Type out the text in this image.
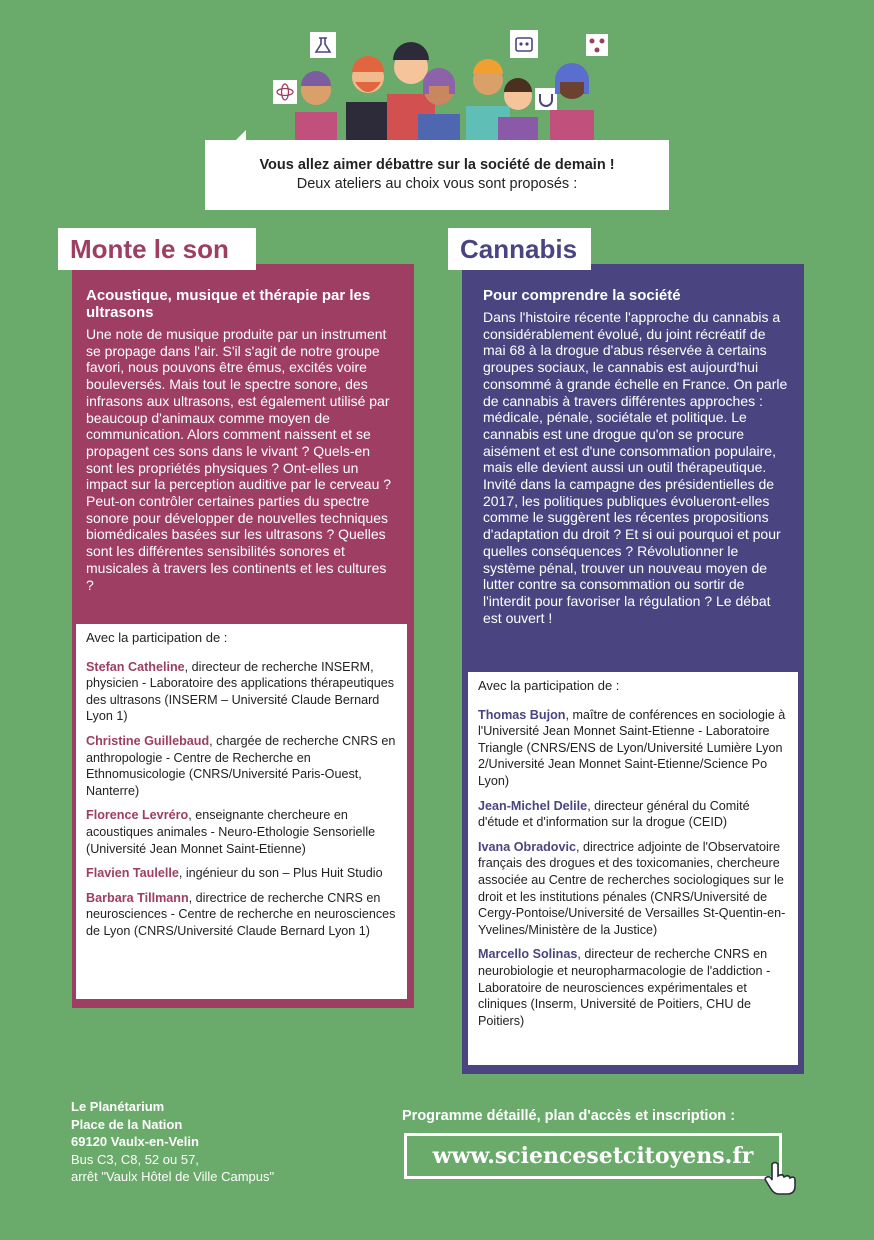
Vous allez aimer débattre sur la société de demain !
Deux ateliers au choix vous sont proposés :
Monte le son ! Acoustique, musique et thérapie par les ultrasons

Une note de musique produite par un instrument se propage dans l'air. S'il s'agit de notre groupe favori, nous pouvons être émus, excités voire bouleversés. Mais tout le spectre sonore, des infrasons aux ultrasons, est également utilisé par beaucoup d'animaux comme moyen de communication. Alors comment naissent et se propagent ces sons dans le vivant ? Quels-en sont les propriétés physiques ? Ont-elles un impact sur la perception auditive par le cerveau ? Peut-on contrôler certaines parties du spectre sonore pour développer de nouvelles techniques biomédicales basées sur les ultrasons ? Quelles sont les différentes sensibilités sonores et musicales à travers les continents et les cultures ?

Avec la participation de :

Stefan Catheline, directeur de recherche INSERM, physicien - Laboratoire des applications thérapeutiques des ultrasons (INSERM – Université Claude Bernard Lyon 1)

Christine Guillebaud, chargée de recherche CNRS en anthropologie - Centre de Recherche en Ethnomusicologie (CNRS/Université Paris-Ouest, Nanterre)

Florence Levréro, enseignante chercheure en acoustiques animales - Neuro-Ethologie Sensorielle (Université Jean Monnet Saint-Etienne)

Flavien Taulelle, ingénieur du son – Plus Huit Studio

Barbara Tillmann, directrice de recherche CNRS en neurosciences - Centre de recherche en neurosciences de Lyon (CNRS/Université Claude Bernard Lyon 1)

Cannabis
Pour comprendre la société

Dans l'histoire récente l'approche du cannabis a considérablement évolué, du joint récréatif de mai 68 à la drogue d'abus réservée à certains groupes sociaux, le cannabis est aujourd'hui consommé à grande échelle en France. On parle de cannabis à travers différentes approches : médicale, pénale, sociétale et politique. Le cannabis est une drogue qu'on se procure aisément et est d'une consommation populaire, mais elle devient aussi un outil thérapeutique. Invité dans la campagne des présidentielles de 2017, les politiques publiques évolueront-elles comme le suggèrent les récentes propositions d'adaptation du droit ? Et si oui pourquoi et pour quelles conséquences ? Révolutionner le système pénal, trouver un nouveau moyen de lutter contre sa consommation ou sortir de l'interdit pour favoriser la régulation ? Le débat est ouvert !

Avec la participation de :

Thomas Bujon, maître de conférences en sociologie à l'Université Jean Monnet Saint-Etienne - Laboratoire Triangle (CNRS/ENS de Lyon/Université Lumière Lyon 2/Université Jean Monnet Saint-Etienne/Science Po Lyon)

Jean-Michel Delile, directeur général du Comité d'étude et d'information sur la drogue (CEID)

Ivana Obradovic, directrice adjointe de l'Observatoire français des drogues et des toxicomanies, chercheure associée au Centre de recherches sociologiques sur le droit et les institutions pénales (CNRS/Université de Cergy-Pontoise/Université de Versailles St-Quentin-en-Yvelines/Ministère de la Justice)

Marcello Solinas, directeur de recherche CNRS en neurobiologie et neuropharmacologie de l'addiction - Laboratoire de neurosciences expérimentales et cliniques (Inserm, Université de Poitiers, CHU de Poitiers)

Le Planétarium
Place de la Nation
69120 Vaulx-en-Velin
Bus C3, C8, 52 ou 57,
arrêt "Vaulx Hôtel de Ville Campus"
Programme détaillé, plan d'accès et inscription :
www.sciencesetcitoyens.fr
